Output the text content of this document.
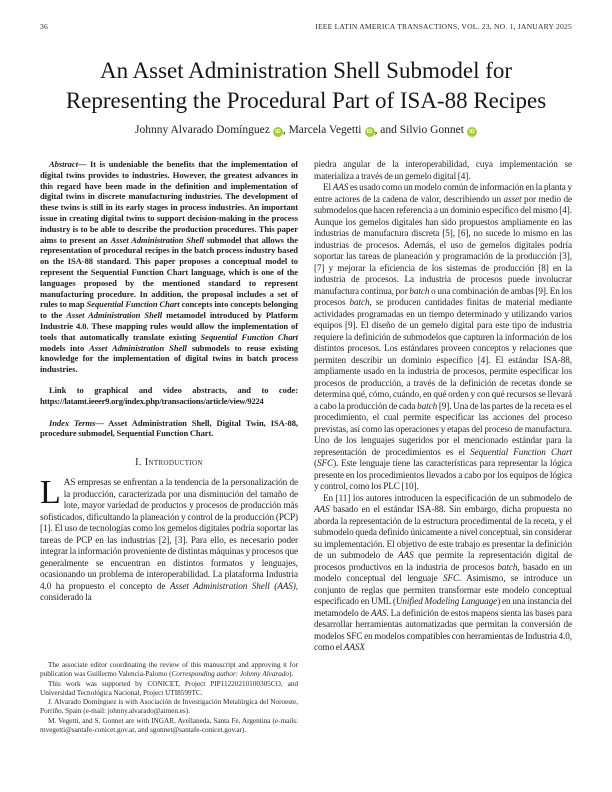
36	IEEE LATIN AMERICA TRANSACTIONS, VOL. 23, NO. 1, JANUARY 2025
An Asset Administration Shell Submodel for Representing the Procedural Part of ISA-88 Recipes
Johnny Alvarado Domínguez iD , Marcela Vegetti iD , and Silvio Gonnet iD

Abstract— It is undeniable the benefits that the implementation of digital twins provides to industries. However, the greatest advances in this regard have been made in the definition and implementation of digital twins in discrete manufacturing industries. The development of these twins is still in its early stages in process industries. An important issue in creating digital twins to support decision-making in the process industry is to be able to describe the production procedures. This paper aims to present an Asset Administration Shell submodel that allows the representation of procedural recipes in the batch process industry based on the ISA-88 standard. This paper proposes a conceptual model to represent the Sequential Function Chart language, which is one of the languages proposed by the mentioned standard to represent manufacturing procedure. In addition, the proposal includes a set of rules to map Sequential Function Chart concepts into concepts belonging to the Asset Administration Shell metamodel introduced by Platform Industrie 4.0. These mapping rules would allow the implementation of tools that automatically translate existing Sequential Function Chart models into Asset Administration Shell submodels to reuse existing knowledge for the implementation of digital twins in batch process industries.

Link to graphical and video abstracts, and to code: https://latamt.ieeer9.org/index.php/transactions/article/view/9224

Index Terms— Asset Administration Shell, Digital Twin, ISA-88, procedure submodel, Sequential Function Chart.

I. Introduction

LAS empresas se enfrentan a la tendencia de la personalización de la producción, caracterizada por una disminución del tamaño de lote, mayor variedad de productos y procesos de producción más sofisticados, dificultando la planeación y control de la producción (PCP) [1]. El uso de tecnologías como los gemelos digitales podría soportar las tareas de PCP en las industrias [2], [3]. Para ello, es necesario poder integrar la información proveniente de distintas máquinas y procesos que generalmente se encuentran en distintos formatos y lenguajes, ocasionando un problema de interoperabilidad. La plataforma Industria 4.0 ha propuesto el concepto de Asset Administration Shell (AAS), considerado la

piedra angular de la interoperabilidad, cuya implementación se materializa a través de un gemelo digital [4].

El AAS es usado como un modelo común de información en la planta y entre actores de la cadena de valor, describiendo un asset por medio de submodelos que hacen referencia a un dominio específico del mismo [4]. Aunque los gemelos digitales han sido propuestos ampliamente en las industrias de manufactura discreta [5], [6], no sucede lo mismo en las industrias de procesos. Además, el uso de gemelos digitales podría soportar las tareas de planeación y programación de la producción [3], [7] y mejorar la eficiencia de los sistemas de producción [8] en la industria de procesos. La industria de procesos puede involucrar manufactura continua, por batch o una combinación de ambas [9]. En los procesos batch, se producen cantidades finitas de material mediante actividades programadas en un tiempo determinado y utilizando varios equipos [9]. El diseño de un gemelo digital para este tipo de industria requiere la definición de submodelos que capturen la información de los distintos procesos. Los estándares proveen conceptos y relaciones que permiten describir un dominio específico [4]. El estándar ISA-88, ampliamente usado en la industria de procesos, permite especificar los procesos de producción, a través de la definición de recetas donde se determina qué, cómo, cuándo, en qué orden y con qué recursos se llevará a cabo la producción de cada batch [9]. Una de las partes de la receta es el procedimiento, el cual permite especificar las acciones del proceso previstas, así como las operaciones y etapas del proceso de manufactura. Uno de los lenguajes sugeridos por el mencionado estándar para la representación de procedimientos es el Sequential Function Chart (SFC). Este lenguaje tiene las características para representar la lógica presente en los procedimientos llevados a cabo por los equipos de lógica y control, como los PLC [10].

En [11] los autores introducen la especificación de un submodelo de AAS basado en el estándar ISA-88. Sin embargo, dicha propuesta no aborda la representación de la estructura procedimental de la receta, y el submodelo queda definido únicamente a nivel conceptual, sin considerar su implementación. El objetivo de este trabajo es presentar la definición de un submodelo de AAS que permite la representación digital de procesos productivos en la industria de procesos batch, basado en un modelo conceptual del lenguaje SFC. Asimismo, se introduce un conjunto de reglas que permiten transformar este modelo conceptual especificado en UML (Unified Modeling Language) en una instancia del metamodelo de AAS. La definición de estos mapeos sienta las bases para desarrollar herramientas automatizadas que permitan la conversión de modelos SFC en modelos compatibles con herramientas de Industria 4.0, como el AASX

The associate editor coordinating the review of this manuscript and approving it for publication was Guillermo Valencia-Palomo (Corresponding author: Johnny Alvarado).

This work was supported by CONICET, Project PIP11220210100305CO, and Universidad Tecnológica Nacional, Project UTI8599TC.

J. Alvarado Domínguez is with Asociación de Investigación Metalúrgica del Noroeste, Porriño, Spain (e-mail: johnny.alvarado@aimen.es).

M. Vegetti, and S. Gonnet are with INGAR, Avellaneda, Santa Fe, Argentina (e-mails: mvegetti@santafe-conicet.gov.ar, and sgonnet@santafe-conicet.gov.ar).
